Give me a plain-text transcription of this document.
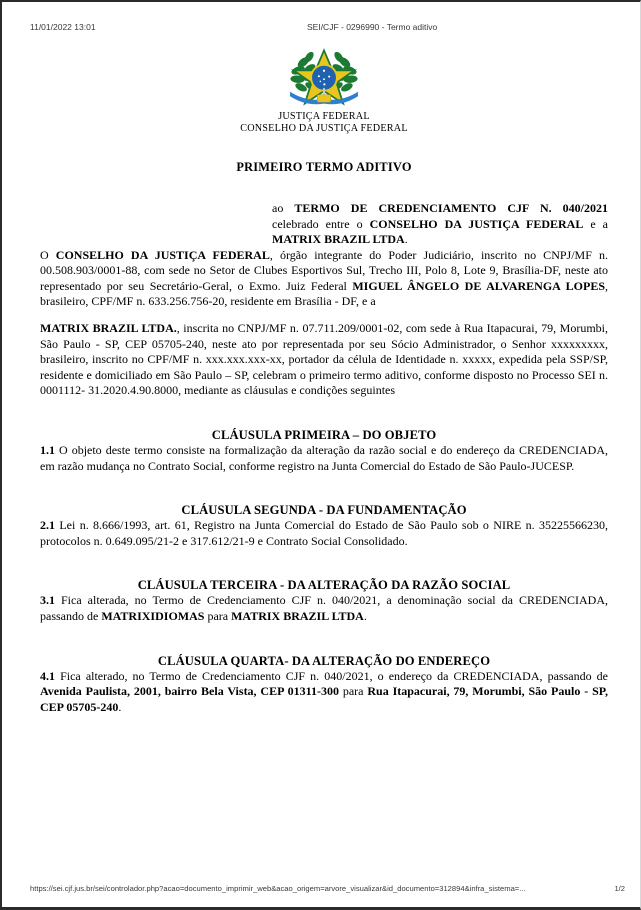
11/01/2022 13:01	SEI/CJF - 0296990 - Termo aditivo
JUSTIÇA FEDERAL
CONSELHO DA JUSTIÇA FEDERAL
PRIMEIRO TERMO ADITIVO
ao TERMO DE CREDENCIAMENTO CJF N. 040/2021 celebrado entre o CONSELHO DA JUSTIÇA FEDERAL e a MATRIX BRAZIL LTDA.

O CONSELHO DA JUSTIÇA FEDERAL, órgão integrante do Poder Judiciário, inscrito no CNPJ/MF n. 00.508.903/0001-88, com sede no Setor de Clubes Esportivos Sul, Trecho III, Polo 8, Lote 9, Brasília-DF, neste ato representado por seu Secretário-Geral, o Exmo. Juiz Federal MIGUEL ÂNGELO DE ALVARENGA LOPES, brasileiro, CPF/MF n. 633.256.756-20, residente em Brasília - DF, e a

MATRIX BRAZIL LTDA., inscrita no CNPJ/MF n. 07.711.209/0001-02, com sede à Rua Itapacurai, 79, Morumbi, São Paulo - SP, CEP 05705-240, neste ato por representada por seu Sócio Administrador, o Senhor xxxxxxxxx, brasileiro, inscrito no CPF/MF n. xxx.xxx.xxx-xx, portador da célula de Identidade n. xxxxx, expedida pela SSP/SP, residente e domiciliado em São Paulo – SP, celebram o primeiro termo aditivo, conforme disposto no Processo SEI n. 0001112- 31.2020.4.90.8000, mediante as cláusulas e condições seguintes

CLÁUSULA PRIMEIRA – DO OBJETO

1.1 O objeto deste termo consiste na formalização da alteração da razão social e do endereço da CREDENCIADA, em razão mudança no Contrato Social, conforme registro na Junta Comercial do Estado de São Paulo-JUCESP.

CLÁUSULA SEGUNDA - DA FUNDAMENTAÇÃO

2.1 Lei n. 8.666/1993, art. 61, Registro na Junta Comercial do Estado de São Paulo sob o NIRE n. 35225566230, protocolos n. 0.649.095/21-2 e 317.612/21-9 e Contrato Social Consolidado.

CLÁUSULA TERCEIRA - DA ALTERAÇÃO DA RAZÃO SOCIAL

3.1 Fica alterada, no Termo de Credenciamento CJF n. 040/2021, a denominação social da CREDENCIADA, passando de MATRIXIDIOMAS para MATRIX BRAZIL LTDA.

CLÁUSULA QUARTA- DA ALTERAÇÃO DO ENDEREÇO

4.1 Fica alterado, no Termo de Credenciamento CJF n. 040/2021, o endereço da CREDENCIADA, passando de Avenida Paulista, 2001, bairro Bela Vista, CEP 01311-300 para Rua Itapacurai, 79, Morumbi, São Paulo - SP, CEP 05705-240.

https://sei.cjf.jus.br/sei/controlador.php?acao=documento_imprimir_web&acao_origem=arvore_visualizar&id_documento=312894&infra_sistema=...	1/2
